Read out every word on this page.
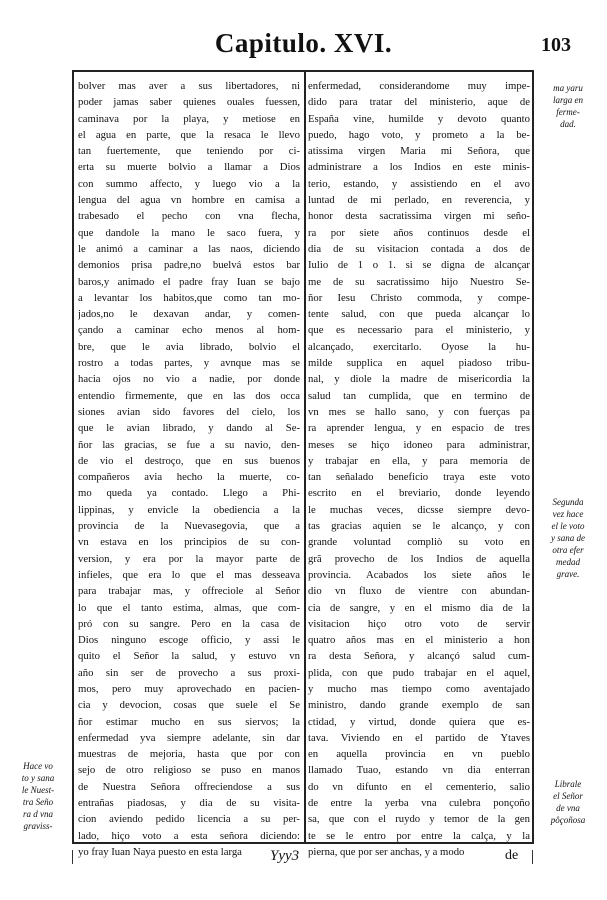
Capitulo. XVI.	103
bolver mas aver a sus libertadores, ni
poder jamas saber quienes ouales fuessen,
caminava por la playa, y metiose en
el agua en parte, que la resaca le llevo
tan fuertemente, que teniendo por ci-
erta su muerte bolvio a llamar a Dios
con summo affecto, y luego vio a la
lengua del agua vn hombre en camisa a
trabesado el pecho con vna flecha,
que dandole la mano le saco fuera, y
le animó a caminar a las naos, diciendo
demonios prisa padre,no buelvá estos bar
baros,y animado el padre fray Iuan se bajo
a levantar los habitos,que como tan mo-
jados,no le dexavan andar, y comen-
çando a caminar echo menos al hom-
bre, que le avia librado, bolvio el
rostro a todas partes, y avnque mas se
hacia ojos no vio a nadie, por donde
entendio firmemente, que en las dos occa
siones avian sido favores del cielo, los
que le avian librado, y dando al Se-
ñor las gracias, se fue a su navio, den-
de vio el destroço, que en sus buenos
compañeros avia hecho la muerte, co-
mo queda ya contado. Llego a Phi-
lippinas, y envicle la obediencia a la
provincia de la Nuevasegovia, que a
vn estava en los principios de su con-
version, y era por la mayor parte de
infieles, que era lo que el mas desseava
para trabajar mas, y offreciole al Señor
lo que el tanto estima, almas, que com-
pró con su sangre. Pero en la casa de
Dios ninguno escoge officio, y assi le
quito el Señor la salud, y estuvo vn
año sin ser de provecho a sus proxi-
mos, pero muy aprovechado en pacien-
cia y devocion, cosas que suele el Se
ñor estimar mucho en sus siervos; la
enfermedad yva siempre adelante, sin dar
muestras de mejoria, hasta que por con
sejo de otro religioso se puso en manos
de Nuestra Señora offreciendose a sus
entrañas piadosas, y dia de su visita-
cion aviendo pedido licencia a su per-
lado, hiço voto a esta señora diciendo:
yo fray Iuan Naya puesto en esta larga
enfermedad, considerandome muy impe-
dido para tratar del ministerio, aque de
España vine, humilde y devoto quanto
puedo, hago voto, y prometo a la be-
atissima virgen Maria mi Señora, que
administrare a los Indios en este minis-
terio, estando, y assistiendo en el avo
luntad de mi perlado, en reverencia, y
honor desta sacratissima virgen mi seño-
ra por siete años continuos desde el
dia de su visitacion contada a dos de
Iulio de 1 o 1. si se digna de alcançar
me de su sacratissimo hijo Nuestro Se-
ñor Iesu Christo commoda, y compe-
tente salud, con que pueda alcançar lo
que es necessario para el ministerio, y
alcançado, exercitarlo. Oyose la hu-
milde supplica en aquel piadoso tribu-
nal, y diole la madre de misericordia la
salud tan cumplida, que en termino de
vn mes se hallo sano, y con fuerças pa
ra aprender lengua, y en espacio de tres
meses se hiço idoneo para administrar,
y trabajar en ella, y para memoria de
tan señalado beneficio traya este voto
escrito en el breviario, donde leyendo
le muchas veces, dicsse siempre devo-
tas gracias aquien se le alcanço, y con
grande voluntad compliò su voto en
grã provecho de los Indios de aquella
provincia. Acabados los siete años le
dio vn fluxo de vientre con abundan-
cia de sangre, y en el mismo dia de la
visitacion hiço otro voto de servir
quatro años mas en el ministerio a hon
ra desta Señora, y alcançó salud cum-
plida, con que pudo trabajar en el aquel,
y mucho mas tiempo como aventajado
ministro, dando grande exemplo de san
ctidad, y virtud, donde quiera que es-
tava. Viviendo en el partido de Ytaves
en aquella provincia en vn pueblo
llamado Tuao, estando vn dia enterran
do vn difunto en el cementerio, salio
de entre la yerba vna culebra ponçoño
sa, que con el ruydo y temor de la gen
te se le entro por entre la calça, y la
pierna, que por ser anchas, y a modo
ma yaru
larga en
ferme-
dad.
Segunda
vez hace
el le voto
y sana de
otra efer
medad
grave.
Librale
el Señor
de vna
pôçoñosa
Hace vo
to y sana
le Nuest-
tra Seño
ra d vna
graviss-
Yyy3	de
